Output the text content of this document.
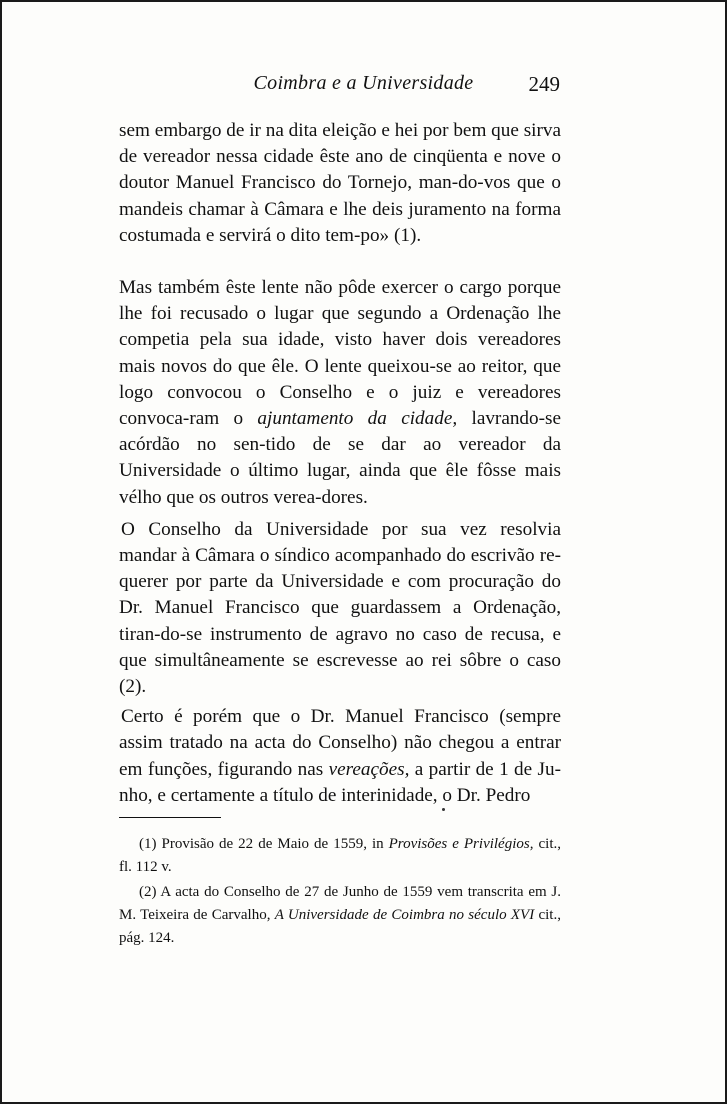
Coimbra e a Universidade	249

sem embargo de ir na dita eleição e hei por bem que sirva de vereador nessa cidade êste ano de cinqüenta e nove o doutor Manuel Francisco do Tornejo, man-do-vos que o mandeis chamar à Câmara e lhe deis juramento na forma costumada e servirá o dito tem-po» (1).

Mas também êste lente não pôde exercer o cargo porque lhe foi recusado o lugar que segundo a Ordenação lhe competia pela sua idade, visto haver dois vereadores mais novos do que êle. O lente queixou-se ao reitor, que logo convocou o Conselho e o juiz e vereadores convoca-ram o ajuntamento da cidade, lavrando-se acórdão no sen-tido de se dar ao vereador da Universidade o último lugar, ainda que êle fôsse mais vélho que os outros verea-dores.

O Conselho da Universidade por sua vez resolvia mandar à Câmara o síndico acompanhado do escrivão re-querer por parte da Universidade e com procuração do Dr. Manuel Francisco que guardassem a Ordenação, tiran-do-se instrumento de agravo no caso de recusa, e que simultâneamente se escrevesse ao rei sôbre o caso (2).

Certo é porém que o Dr. Manuel Francisco (sempre assim tratado na acta do Conselho) não chegou a entrar em funções, figurando nas vereações, a partir de 1 de Ju-nho, e certamente a título de interinidade, o Dr. Pedro

(1) Provisão de 22 de Maio de 1559, in Provisões e Privilégios, cit., fl. 112 v.

(2) A acta do Conselho de 27 de Junho de 1559 vem transcrita em J. M. Teixeira de Carvalho, A Universidade de Coimbra no século XVI cit., pág. 124.
